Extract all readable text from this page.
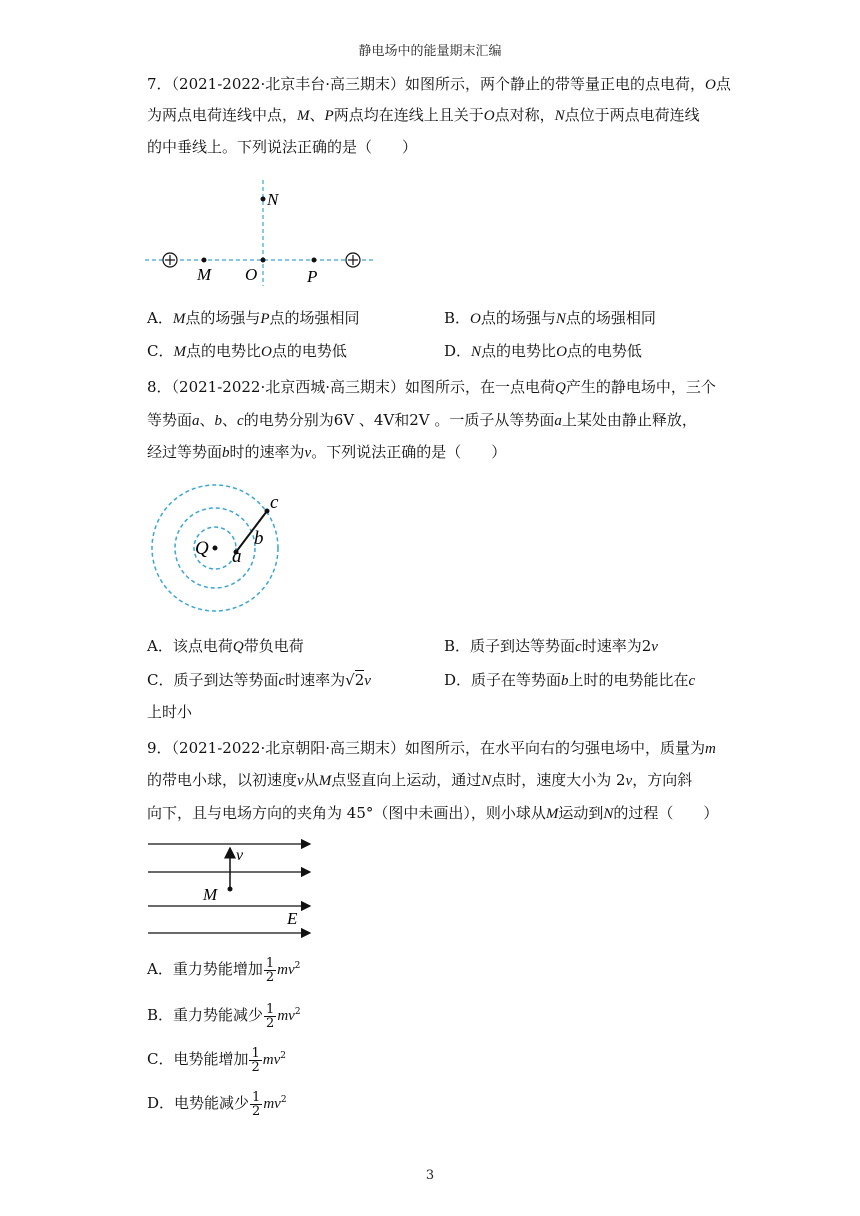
静电场中的能量期末汇编
7．（2021-2022·北京丰台·高三期末）如图所示，两个静止的带等量正电的点电荷，O点
为两点电荷连线中点，M、P两点均在连线上且关于O点对称，N点位于两点电荷连线
的中垂线上。下列说法正确的是（　　）
N
M O	P
A．M点的场强与P点的场强相同	B．O点的场强与N点的场强相同
C．M点的电势比O点的电势低	D．N点的电势比O点的电势低
8．（2021-2022·北京西城·高三期末）如图所示，在一点电荷Q产生的静电场中，三个
等势面a、b、c的电势分别为6V 、4V和2V 。一质子从等势面a上某处由静止释放，
经过等势面b时的速率为v。下列说法正确的是（　　）
Q a
b
c
A．该点电荷Q带负电荷	B．质子到达等势面c时速率为2v
C．质子到达等势面c时速率为√2v	D．质子在等势面b上时的电势能比在c
上时小
9．（2021-2022·北京朝阳·高三期末）如图所示，在水平向右的匀强电场中，质量为m
的带电小球，以初速度v从M点竖直向上运动，通过N点时，速度大小为 2v，方向斜
向下，且与电场方向的夹角为 45°（图中未画出），则小球从M运动到N的过程（　　）
v
M
E
A．重力势能增加 $\frac{1}{2} mv^2$
B．重力势能减少 $\frac{1}{2} mv^2$
C．电势能增加 $\frac{1}{2} mv^2$
D．电势能减少 $\frac{1}{2} mv^2$
3
